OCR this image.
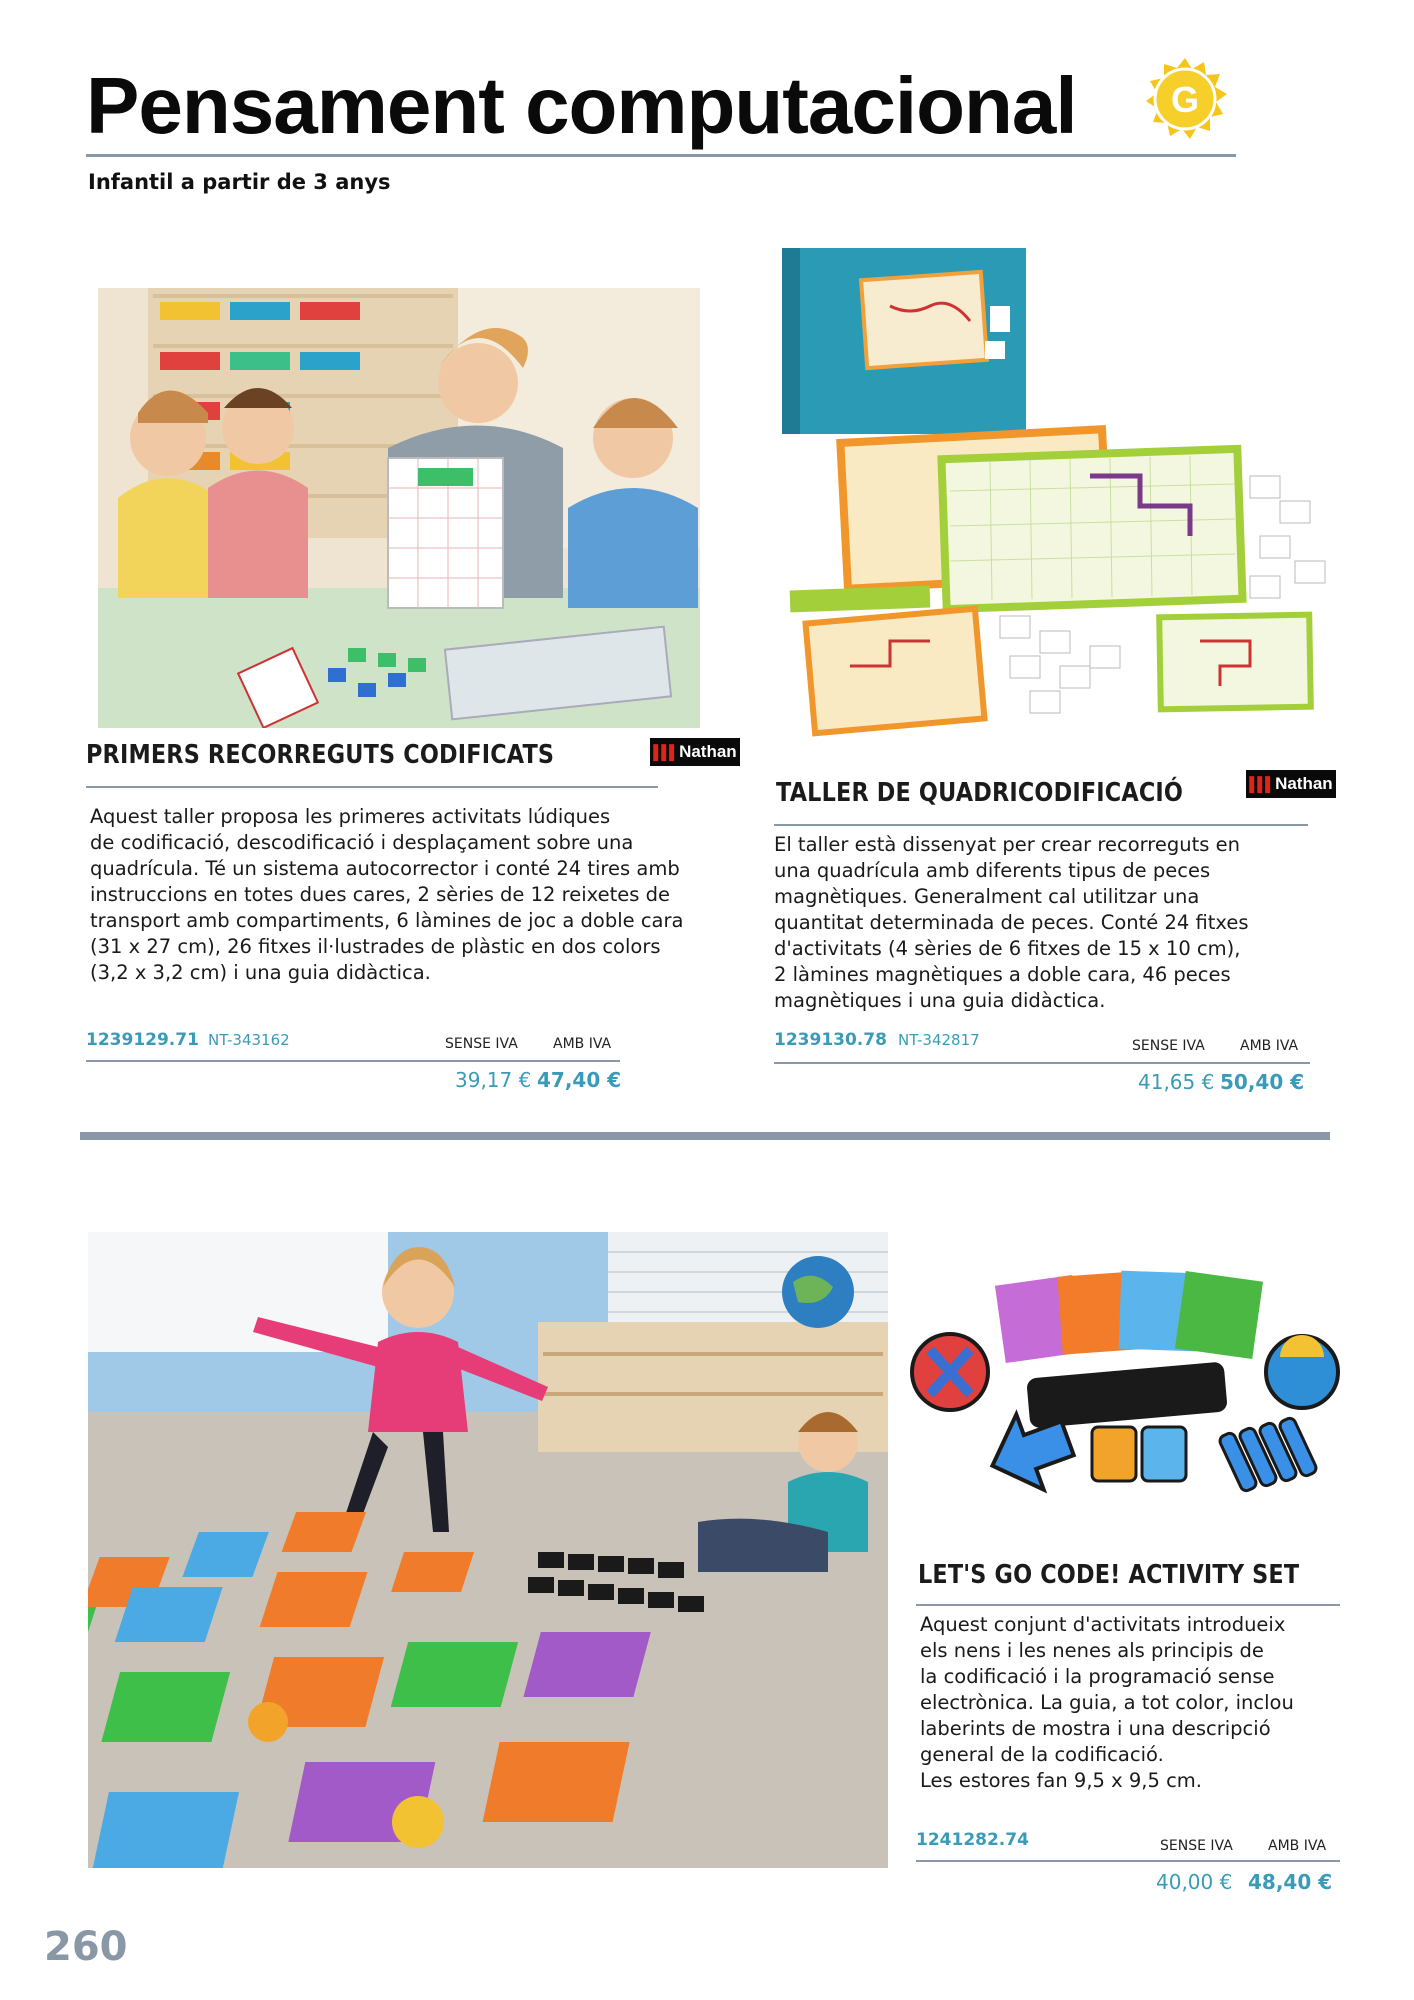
Pensament computacional	G
Infantil a partir de 3 anys
PRIMERS RECORREGUTS CODIFICATS	▌▌▌ Nathan
Aquest taller proposa les primeres activitats lúdiques
de codificació, descodificació i desplaçament sobre una
quadrícula. Té un sistema autocorrector i conté 24 tires amb
instruccions en totes dues cares, 2 sèries de 12 reixetes de
transport amb compartiments, 6 làmines de joc a doble cara
(31 x 27 cm), 26 fitxes il·lustrades de plàstic en dos colors
(3,2 x 3,2 cm) i una guia didàctica.
1239129.71 NT-343162	SENSE IVA	AMB IVA
39,17 € 47,40 €
TALLER DE QUADRICODIFICACIÓ	▌▌▌ Nathan
El taller està dissenyat per crear recorreguts en
una quadrícula amb diferents tipus de peces
magnètiques. Generalment cal utilitzar una
quantitat determinada de peces. Conté 24 fitxes
d'activitats (4 sèries de 6 fitxes de 15 x 10 cm),
2 làmines magnètiques a doble cara, 46 peces
magnètiques i una guia didàctica.
1239130.78 NT-342817	SENSE IVA	AMB IVA
41,65 € 50,40 €
LET'S GO CODE! ACTIVITY SET
Aquest conjunt d'activitats introdueix
els nens i les nenes als principis de
la codificació i la programació sense
electrònica. La guia, a tot color, inclou
laberints de mostra i una descripció
general de la codificació.
Les estores fan 9,5 x 9,5 cm.
1241282.74	SENSE IVA	AMB IVA
40,00 € 48,40 €
260
